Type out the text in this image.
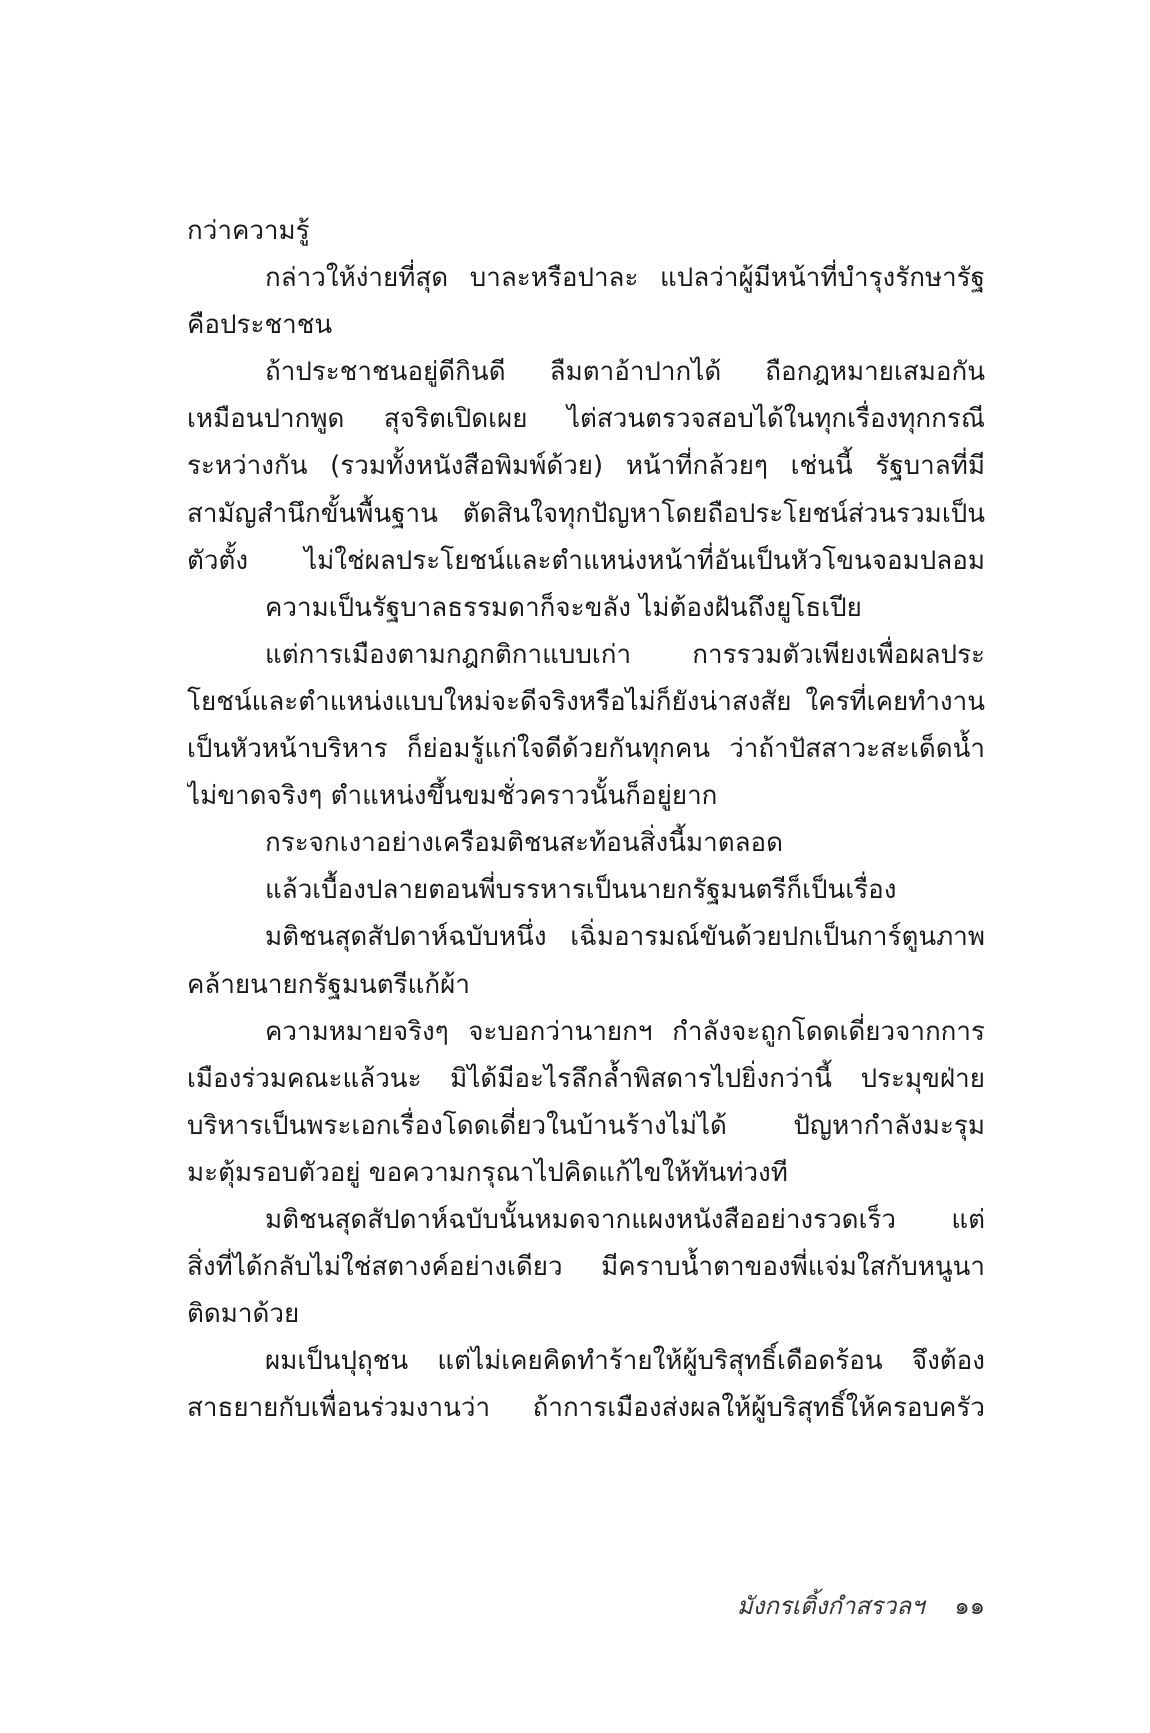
กว่าความรู้
กล่าวให้ง่ายที่สุด บาละหรือปาละ แปลว่าผู้มีหน้าที่บำรุงรักษารัฐ
คือประชาชน
ถ้าประชาชนอยู่ดีกินดี ลืมตาอ้าปากได้ ถือกฎหมายเสมอกัน
เหมือนปากพูด สุจริตเปิดเผย ไต่สวนตรวจสอบได้ในทุกเรื่องทุกกรณี
ระหว่างกัน (รวมทั้งหนังสือพิมพ์ด้วย) หน้าที่กล้วยๆ เช่นนี้ รัฐบาลที่มี
สามัญสำนึกขั้นพื้นฐาน ตัดสินใจทุกปัญหาโดยถือประโยชน์ส่วนรวมเป็น
ตัวตั้ง ไม่ใช่ผลประโยชน์และตำแหน่งหน้าที่อันเป็นหัวโขนจอมปลอม
ความเป็นรัฐบาลธรรมดาก็จะขลัง ไม่ต้องฝันถึงยูโธเปีย
แต่การเมืองตามกฎกติกาแบบเก่า การรวมตัวเพียงเพื่อผลประ
โยชน์และตำแหน่งแบบใหม่จะดีจริงหรือไม่ก็ยังน่าสงสัย ใครที่เคยทำงาน
เป็นหัวหน้าบริหาร ก็ย่อมรู้แก่ใจดีด้วยกันทุกคน ว่าถ้าปัสสาวะสะเด็ดน้ำ
ไม่ขาดจริงๆ ตำแหน่งขึ้นขมชั่วคราวนั้นก็อยู่ยาก
กระจกเงาอย่างเครือมติชนสะท้อนสิ่งนี้มาตลอด
แล้วเบื้องปลายตอนพี่บรรหารเป็นนายกรัฐมนตรีก็เป็นเรื่อง
มติชนสุดสัปดาห์ฉบับหนึ่ง เฉิ่มอารมณ์ขันด้วยปกเป็นการ์ตูนภาพ
คล้ายนายกรัฐมนตรีแก้ผ้า
ความหมายจริงๆ จะบอกว่านายกฯ กำลังจะถูกโดดเดี่ยวจากการ
เมืองร่วมคณะแล้วนะ มิได้มีอะไรลึกล้ำพิสดารไปยิ่งกว่านี้ ประมุขฝ่าย
บริหารเป็นพระเอกเรื่องโดดเดี่ยวในบ้านร้างไม่ได้ ปัญหากำลังมะรุม
มะตุ้มรอบตัวอยู่ ขอความกรุณาไปคิดแก้ไขให้ทันท่วงที
มติชนสุดสัปดาห์ฉบับนั้นหมดจากแผงหนังสืออย่างรวดเร็ว แต่
สิ่งที่ได้กลับไม่ใช่สตางค์อย่างเดียว มีคราบน้ำตาของพี่แจ่มใสกับหนูนา
ติดมาด้วย
ผมเป็นปุถุชน แต่ไม่เคยคิดทำร้ายให้ผู้บริสุทธิ์เดือดร้อน จึงต้อง
สาธยายกับเพื่อนร่วมงานว่า ถ้าการเมืองส่งผลให้ผู้บริสุทธิ์ให้ครอบครัว
มังกรเติ้งกำสรวลฯ ๑๑
